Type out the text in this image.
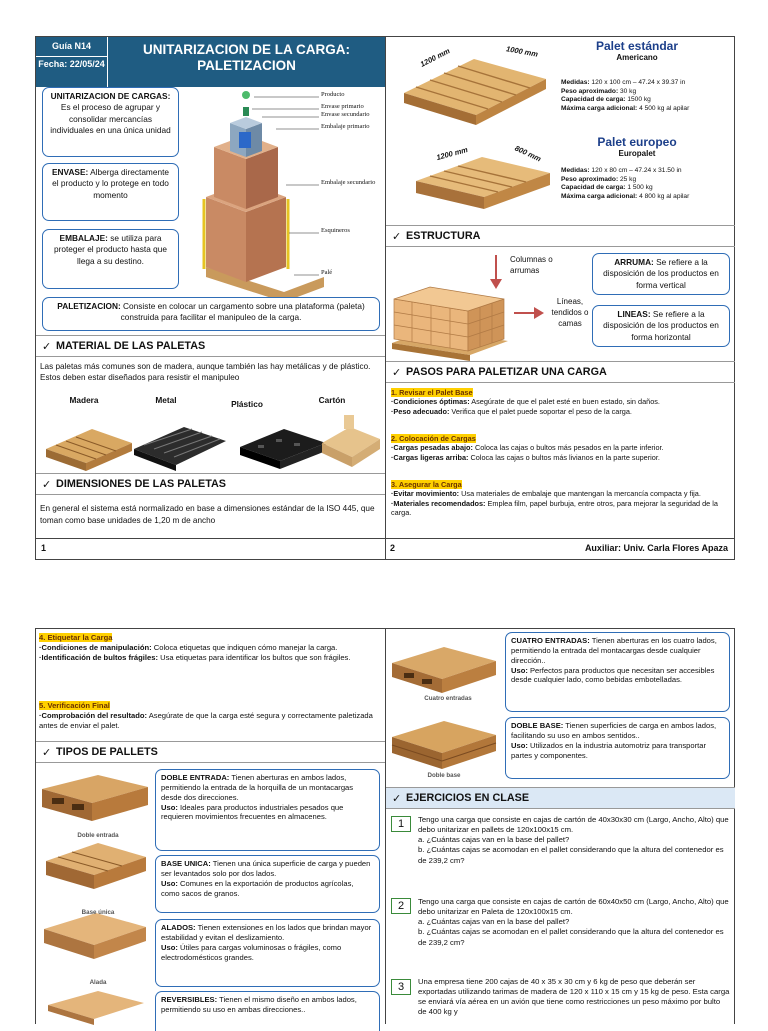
Guía N14
Fecha: 22/05/24
UNITARIZACION DE LA CARGA: PALETIZACION
UNITARIZACION DE CARGAS: Es el proceso de agrupar y consolidar mercancías individuales en una única unidad
ENVASE: Alberga directamente el producto y lo protege en todo momento
EMBALAJE: se utiliza para proteger el producto hasta que llega a su destino.
Producto
Envase primario
Envase secundario
Embalaje primario
Embalaje secundario
Esquineros
Palé
PALETIZACION: Consiste en colocar un cargamento sobre una plataforma (paleta) construida para facilitar el manipuleo de la carga.
✓ MATERIAL DE LAS PALETAS
Las paletas más comunes son de madera, aunque también las hay metálicas y de plástico. Estos deben estar diseñados para resistir el manipuleo
Madera	Metal	Plástico	Cartón
✓ DIMENSIONES DE LAS PALETAS
En general el sistema está normalizado en base a dimensiones estándar de la ISO 445, que toman como base unidades de 1,20 m de ancho
1	2	Auxiliar: Univ. Carla Flores Apaza
1200 mm	1000 mm
1200 mm	800 mm
Palet estándar
Americano
Medidas: 120 x 100 cm – 47.24 x 39.37 in
Peso aproximado: 30 kg
Capacidad de carga: 1500 kg
Máxima carga adicional: 4 500 kg al apilar
Palet europeo
Europalet
Medidas: 120 x 80 cm – 47.24 x 31.50 in
Peso aproximado: 25 kg
Capacidad de carga: 1 500 kg
Máxima carga adicional: 4 800 kg al apilar
✓ ESTRUCTURA
Columnas o arrumas
Líneas, tendidos o camas
ARRUMA: Se refiere a la disposición de los productos en forma vertical
LINEAS: Se refiere a la disposición de los productos en forma horizontal
✓ PASOS PARA PALETIZAR UNA CARGA
1. Revisar el Palet Base
·Condiciones óptimas: Asegúrate de que el palet esté en buen estado, sin daños.
·Peso adecuado: Verifica que el palet puede soportar el peso de la carga.
2. Colocación de Cargas
·Cargas pesadas abajo: Coloca las cajas o bultos más pesados en la parte inferior.
·Cargas ligeras arriba: Coloca las cajas o bultos más livianos en la parte superior.
3. Asegurar la Carga
·Evitar movimiento: Usa materiales de embalaje que mantengan la mercancía compacta y fija.
·Materiales recomendados: Emplea film, papel burbuja, entre otros, para mejorar la seguridad de la carga.
4. Etiquetar la Carga
·Condiciones de manipulación: Coloca etiquetas que indiquen cómo manejar la carga.
·Identificación de bultos frágiles: Usa etiquetas para identificar los bultos que son frágiles.
5. Verificación Final
·Comprobación del resultado: Asegúrate de que la carga esté segura y correctamente paletizada antes de enviar el palet.
✓ TIPOS DE PALLETS
Doble entrada
Base única
Alada
DOBLE ENTRADA: Tienen aberturas en ambos lados, permitiendo la entrada de la horquilla de un montacargas desde dos direcciones.
Uso: Ideales para productos industriales pesados que requieren movimientos frecuentes en almacenes.
BASE UNICA: Tienen una única superficie de carga y pueden ser levantados solo por dos lados.
Uso: Comunes en la exportación de productos agrícolas, como sacos de granos.
ALADOS: Tienen extensiones en los lados que brindan mayor estabilidad y evitan el deslizamiento.
Uso: Útiles para cargas voluminosas o frágiles, como electrodomésticos grandes.
REVERSIBLES: Tienen el mismo diseño en ambos lados, permitiendo su uso en ambas direcciones..
Cuatro entradas
Doble base
CUATRO ENTRADAS: Tienen aberturas en los cuatro lados, permitiendo la entrada del montacargas desde cualquier dirección..
Uso: Perfectos para productos que necesitan ser accesibles desde cualquier lado, como bebidas embotelladas.
DOBLE BASE: Tienen superficies de carga en ambos lados, facilitando su uso en ambos sentidos..
Uso: Utilizados en la industria automotriz para transportar partes y componentes.
✓ EJERCICIOS EN CLASE
1	Tengo una carga que consiste en cajas de cartón de 40x30x30 cm (Largo, Ancho, Alto) que debo unitarizar en pallets de 120x100x15 cm.
a. ¿Cuántas cajas van en la base del pallet?
b. ¿Cuántas cajas se acomodan en el pallet considerando que la altura del contenedor es de 239,2 cm?
2	Tengo una carga que consiste en cajas de cartón de 60x40x50 cm (Largo, Ancho, Alto) que debo unitarizar en Paleta de 120x100x15 cm.
a. ¿Cuántas cajas van en la base del pallet?
b. ¿Cuántas cajas se acomodan en el pallet considerando que la altura del contenedor es de 239,2 cm?
3	Una empresa tiene 200 cajas de 40 x 35 x 30 cm y 6 kg de peso que deberán ser exportadas utilizando tarimas de madera de 120 x 110 x 15 cm y 15 kg de peso. Esta carga se enviará vía aérea en un avión que tiene como restricciones un peso máximo por bulto de 400 kg y
